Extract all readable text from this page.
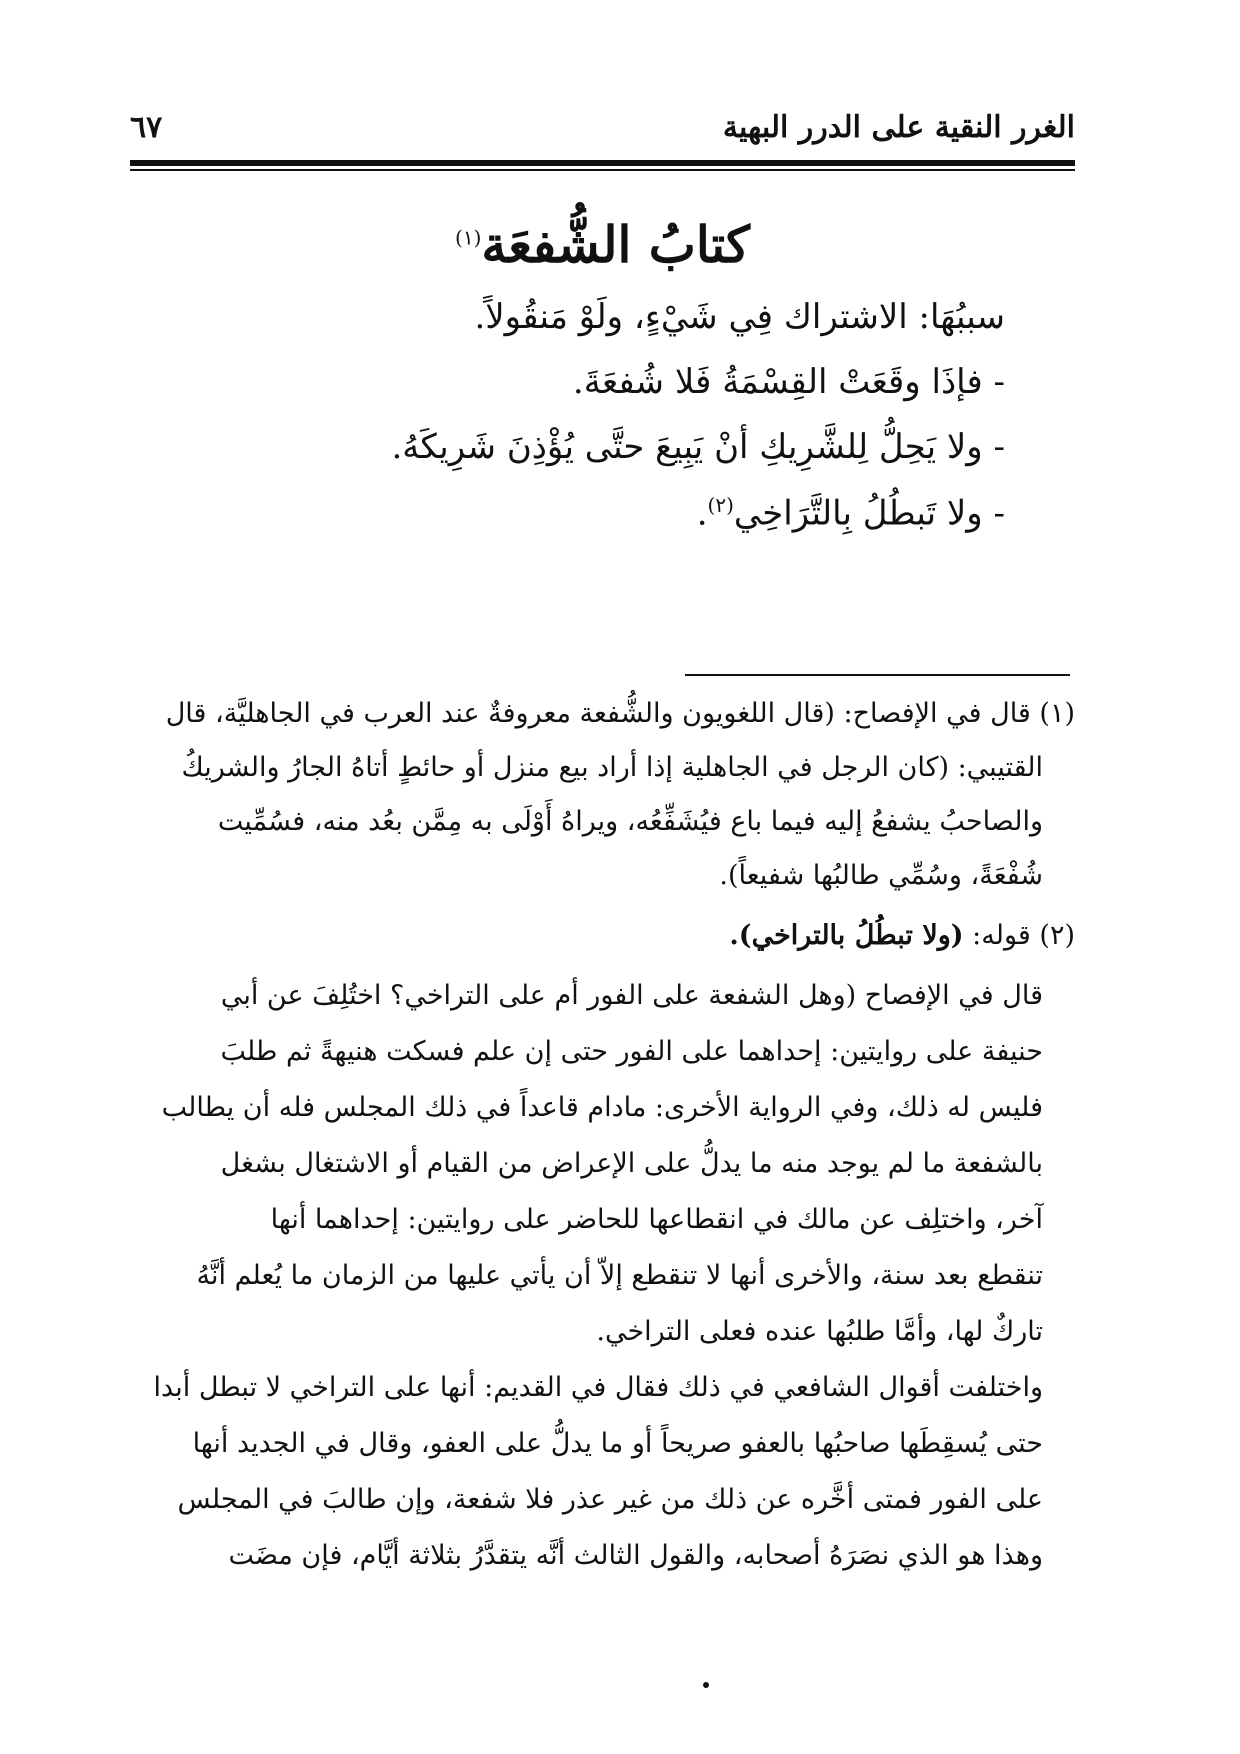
الغرر النقية على الدرر البهية
٦٧
كتابُ الشُّفعَة$^{(١)}$
سببُهَا: الاشتراك فِي شَيْءٍ، ولَوْ مَنقُولاً.
- فإذَا وقَعَتْ القِسْمَةُ فَلا شُفعَةَ.
- ولا يَحِلُّ لِلشَّرِيكِ أنْ يَبِيعَ حتَّى يُؤْذِنَ شَرِيكَهُ.
- ولا تَبطُلُ بِالتَّرَاخِي$^{(٢)}$.
(١) قال في الإفصاح: (قال اللغويون والشُّفعة معروفةٌ عند العرب في الجاهليَّة، قال
القتيبي: (كان الرجل في الجاهلية إذا أراد بيع منزل أو حائطٍ أتاهُ الجارُ والشريكُ
والصاحبُ يشفعُ إليه فيما باع فيُشَفِّعُه، ويراهُ أَوْلَى به مِمَّن بعُد منه، فسُمِّيت
شُفْعَةً، وسُمِّي طالبُها شفيعاً).
(٢) قوله: (ولا تبطُلُ بالتراخي).
قال في الإفصاح (وهل الشفعة على الفور أم على التراخي؟ اختُلِفَ عن أبي
حنيفة على روايتين: إحداهما على الفور حتى إن علم فسكت هنيهةً ثم طلبَ
فليس له ذلك، وفي الرواية الأخرى: مادام قاعداً في ذلك المجلس فله أن يطالب
بالشفعة ما لم يوجد منه ما يدلُّ على الإعراض من القيام أو الاشتغال بشغل
آخر، واختلِف عن مالك في انقطاعها للحاضر على روايتين: إحداهما أنها
تنقطع بعد سنة، والأخرى أنها لا تنقطع إلاّ أن يأتي عليها من الزمان ما يُعلم أنَّهُ
تاركٌ لها، وأمَّا طلبُها عنده فعلى التراخي.
واختلفت أقوال الشافعي في ذلك فقال في القديم: أنها على التراخي لا تبطل أبدا
حتى يُسقِطَها صاحبُها بالعفو صريحاً أو ما يدلُّ على العفو، وقال في الجديد أنها
على الفور فمتى أخَّره عن ذلك من غير عذر فلا شفعة، وإن طالبَ في المجلس
وهذا هو الذي نصَرَهُ أصحابه، والقول الثالث أنَّه يتقدَّرُ بثلاثة أيَّام، فإن مضَت
